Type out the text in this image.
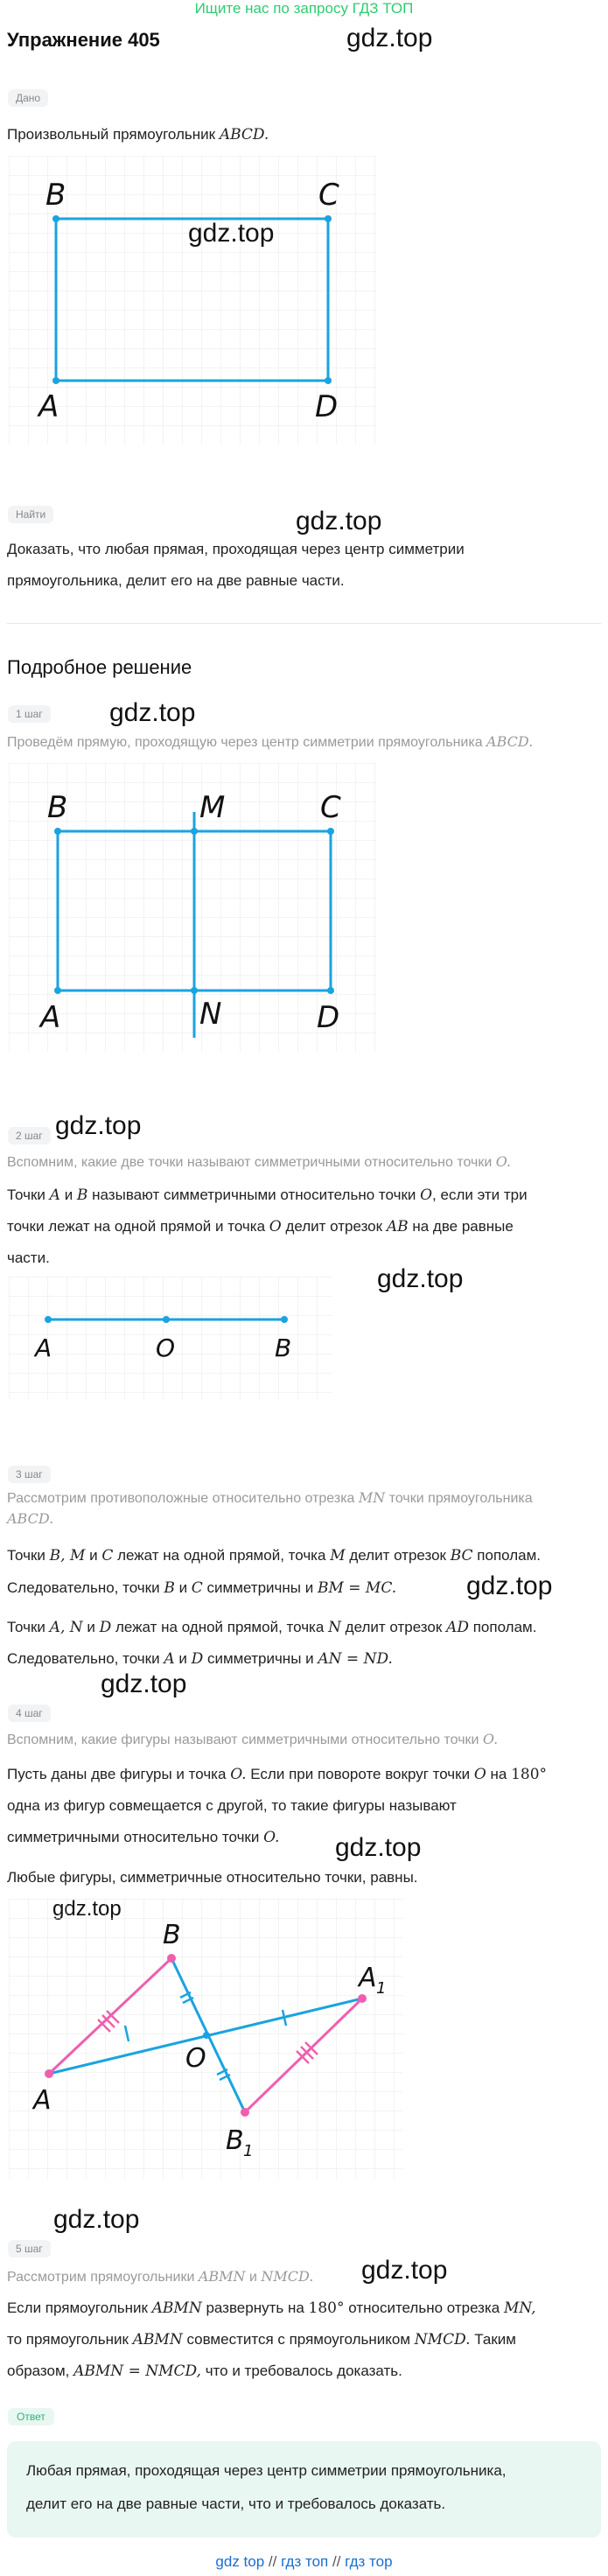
Ищите нас по запросу ГДЗ ТОП
Упражнение 405	gdz.top
Дано
Произвольный прямоугольник ABCD.
B	C
A	D
gdz.top
Найти	gdz.top
Доказать, что любая прямая, проходящая через центр симметрии
прямоугольника, делит его на две равные части.
Подробное решение
1 шаг	gdz.top
Проведём прямую, проходящую через центр симметрии прямоугольника ABCD.
B	M	C
A	N	D
2 шаг gdz.top
Вспомним, какие две точки называют симметричными относительно точки O.
Точки A и B называют симметричными относительно точки O, если эти три
точки лежат на одной прямой и точка O делит отрезок AB на две равные
части.
gdz.top
A	O	B
3 шаг
Рассмотрим противоположные относительно отрезка MN точки прямоугольника
ABCD.
Точки B, M и C лежат на одной прямой, точка M делит отрезок BC пополам.
Следовательно, точки B и C симметричны и BM = MC.	gdz.top
Точки A, N и D лежат на одной прямой, точка N делит отрезок AD пополам.
Следовательно, точки A и D симметричны и AN = ND.
gdz.top
4 шаг
Вспомним, какие фигуры называют симметричными относительно точки O.
Пусть даны две фигуры и точка O. Если при повороте вокруг точки O на 180°
одна из фигур совмещается с другой, то такие фигуры называют
симметричными относительно точки O. gdz.top
Любые фигуры, симметричные относительно точки, равны.
B
A
O
A 1
B 1
gdz.top
5 шаг
gdz.top
Рассмотрим прямоугольники ABMN и NMCD.
Если прямоугольник ABMN развернуть на 180° относительно отрезка MN,
то прямоугольник ABMN совместится с прямоугольником NMCD. Таким
образом, ABMN = NMCD, что и требовалось доказать.
Ответ
Любая прямая, проходящая через центр симметрии прямоугольника,
делит его на две равные части, что и требовалось доказать.
gdz top // гдз топ // гдз тор
